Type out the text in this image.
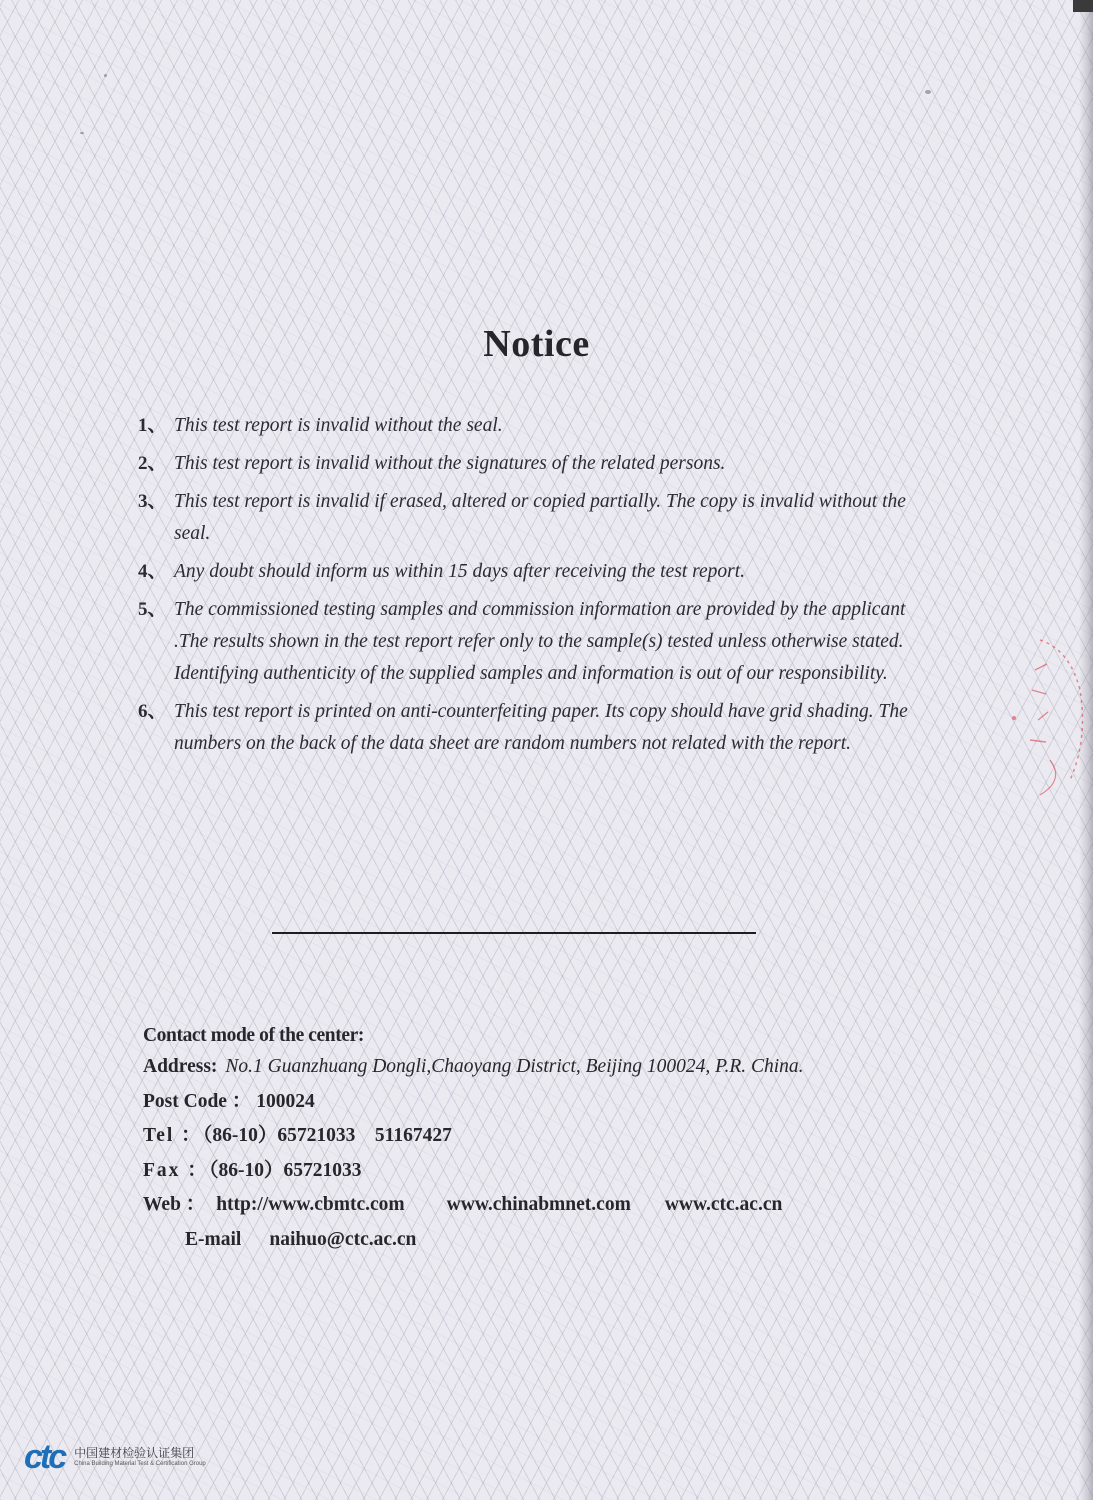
Notice
1、 This test report is invalid without the seal.
2、 This test report is invalid without the signatures of the related persons.
3、 This test report is invalid if erased, altered or copied partially. The copy is invalid without the seal.
4、 Any doubt should inform us within 15 days after receiving the test report.
5、 The commissioned testing samples and commission information are provided by the applicant .The results shown in the test report refer only to the sample(s) tested unless otherwise stated. Identifying authenticity of the supplied samples and information is out of our responsibility.
6、 This test report is printed on anti-counterfeiting paper. Its copy should have grid shading. The numbers on the back of the data sheet are random numbers not related with the report.
Contact mode of the center:
Address: No.1 Guanzhuang Dongli,Chaoyang District, Beijing 100024, P.R. China.
Post Code ： 100024
Tel ：（86-10）65721033    51167427
Fax ：（86-10）65721033
Web ： http://www.cbmtc.com www.chinabmnet.com www.ctc.ac.cn
E-mail naihuo@ctc.ac.cn
ctc 中国建材检验认证集团
China Building Material Test & Certification Group
